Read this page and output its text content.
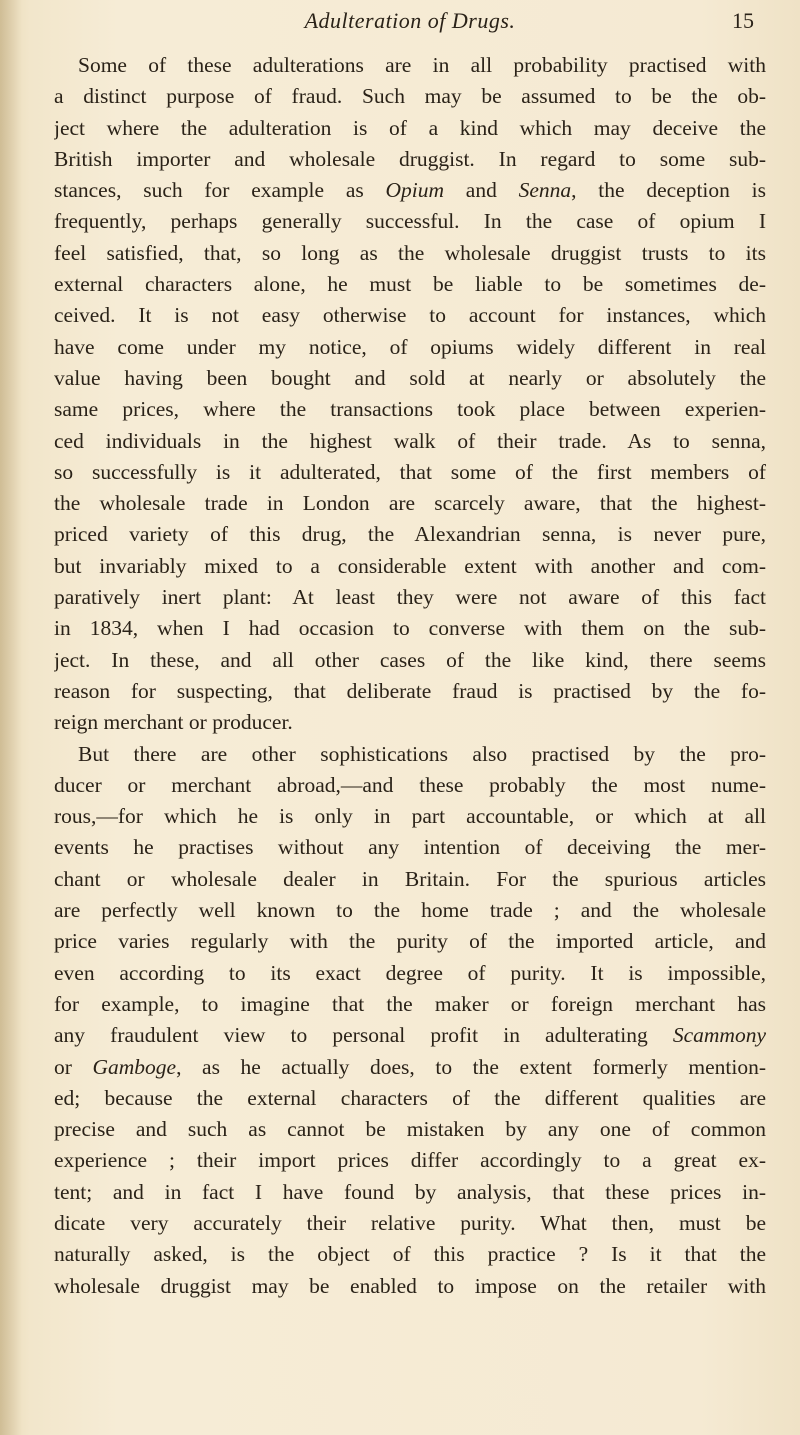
Adulteration of Drugs.	15
Some of these adulterations are in all probability practised with
a distinct purpose of fraud. Such may be assumed to be the ob-
ject where the adulteration is of a kind which may deceive the
British importer and wholesale druggist. In regard to some sub-
stances, such for example as Opium and Senna, the deception is
frequently, perhaps generally successful. In the case of opium I
feel satisfied, that, so long as the wholesale druggist trusts to its
external characters alone, he must be liable to be sometimes de-
ceived. It is not easy otherwise to account for instances, which
have come under my notice, of opiums widely different in real
value having been bought and sold at nearly or absolutely the
same prices, where the transactions took place between experien-
ced individuals in the highest walk of their trade. As to senna,
so successfully is it adulterated, that some of the first members of
the wholesale trade in London are scarcely aware, that the highest-
priced variety of this drug, the Alexandrian senna, is never pure,
but invariably mixed to a considerable extent with another and com-
paratively inert plant: At least they were not aware of this fact
in 1834, when I had occasion to converse with them on the sub-
ject. In these, and all other cases of the like kind, there seems
reason for suspecting, that deliberate fraud is practised by the fo-
reign merchant or producer.
But there are other sophistications also practised by the pro-
ducer or merchant abroad,—and these probably the most nume-
rous,—for which he is only in part accountable, or which at all
events he practises without any intention of deceiving the mer-
chant or wholesale dealer in Britain. For the spurious articles
are perfectly well known to the home trade ; and the wholesale
price varies regularly with the purity of the imported article, and
even according to its exact degree of purity. It is impossible,
for example, to imagine that the maker or foreign merchant has
any fraudulent view to personal profit in adulterating Scammony
or Gamboge, as he actually does, to the extent formerly mention-
ed; because the external characters of the different qualities are
precise and such as cannot be mistaken by any one of common
experience ; their import prices differ accordingly to a great ex-
tent; and in fact I have found by analysis, that these prices in-
dicate very accurately their relative purity. What then, must be
naturally asked, is the object of this practice ? Is it that the
wholesale druggist may be enabled to impose on the retailer with
